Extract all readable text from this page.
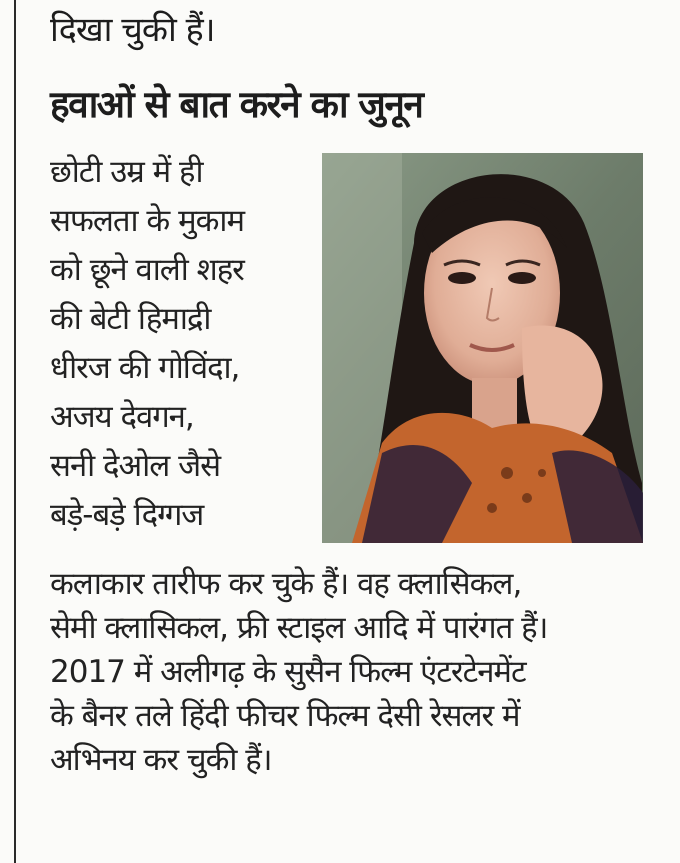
दिखा चुकी हैं।
हवाओं से बात करने का जुनून
छोटी उम्र में ही
सफलता के मुकाम
को छूने वाली शहर
की बेटी हिमाद्री
धीरज की गोविंदा,
अजय देवगन,
सनी देओल जैसे
बड़े-बड़े दिग्गज
कलाकार तारीफ कर चुके हैं। वह क्लासिकल,
सेमी क्लासिकल, फ्री स्टाइल आदि में पारंगत हैं।
2017 में अलीगढ़ के सुसैन फिल्म एंटरटेनमेंट
के बैनर तले हिंदी फीचर फिल्म देसी रेसलर में
अभिनय कर चुकी हैं।
